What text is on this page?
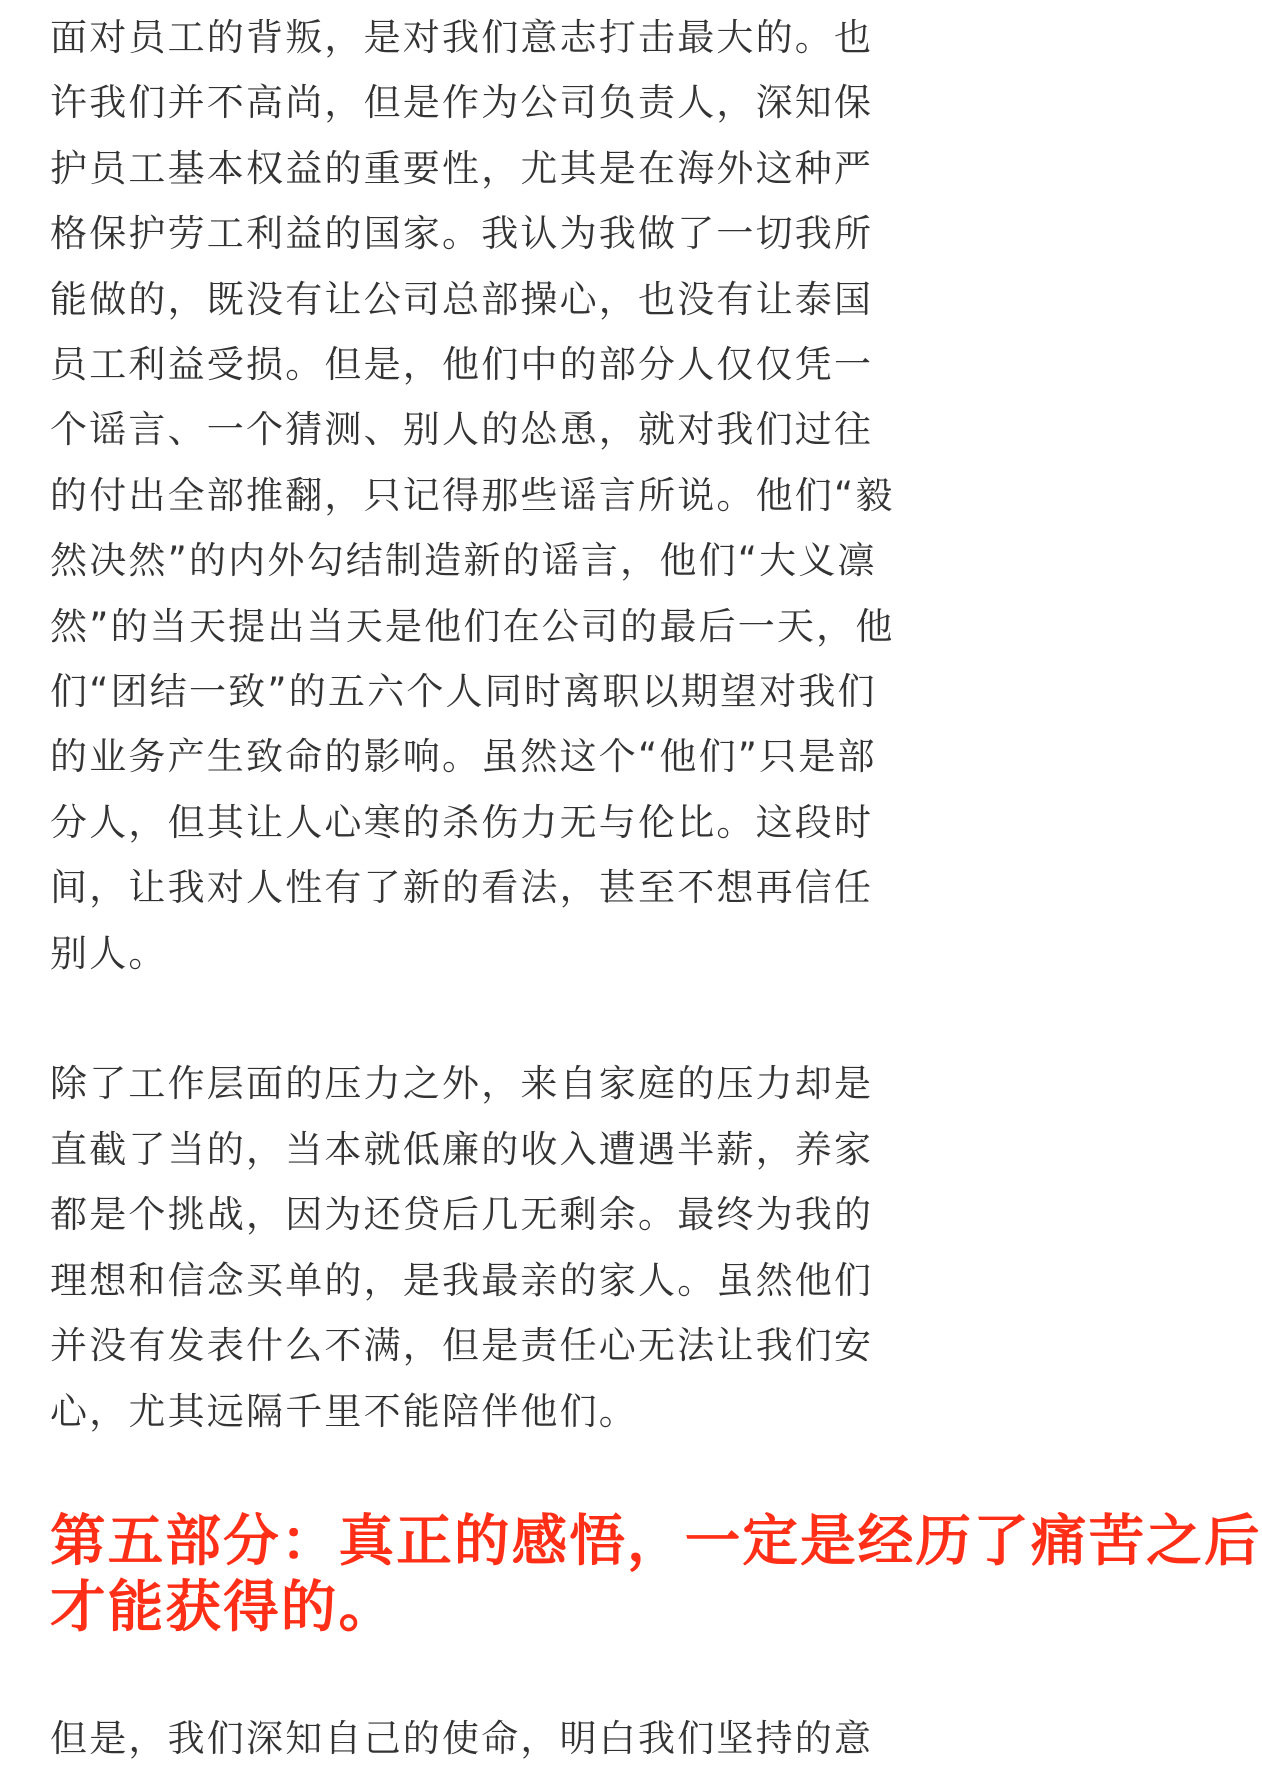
面对员工的背叛，是对我们意志打击最大的。也
许我们并不高尚，但是作为公司负责人，深知保
护员工基本权益的重要性，尤其是在海外这种严
格保护劳工利益的国家。我认为我做了一切我所
能做的，既没有让公司总部操心，也没有让泰国
员工利益受损。但是，他们中的部分人仅仅凭一
个谣言、一个猜测、别人的怂恿，就对我们过往
的付出全部推翻，只记得那些谣言所说。他们“毅
然决然”的内外勾结制造新的谣言，他们“大义凛
然”的当天提出当天是他们在公司的最后一天，他
们“团结一致”的五六个人同时离职以期望对我们
的业务产生致命的影响。虽然这个“他们”只是部
分人，但其让人心寒的杀伤力无与伦比。这段时
间，让我对人性有了新的看法，甚至不想再信任
别人。

除了工作层面的压力之外，来自家庭的压力却是
直截了当的，当本就低廉的收入遭遇半薪，养家
都是个挑战，因为还贷后几无剩余。最终为我的
理想和信念买单的，是我最亲的家人。虽然他们
并没有发表什么不满，但是责任心无法让我们安
心，尤其远隔千里不能陪伴他们。

第五部分：真正的感悟，一定是经历了痛苦之后
才能获得的。

但是，我们深知自己的使命，明白我们坚持的意
